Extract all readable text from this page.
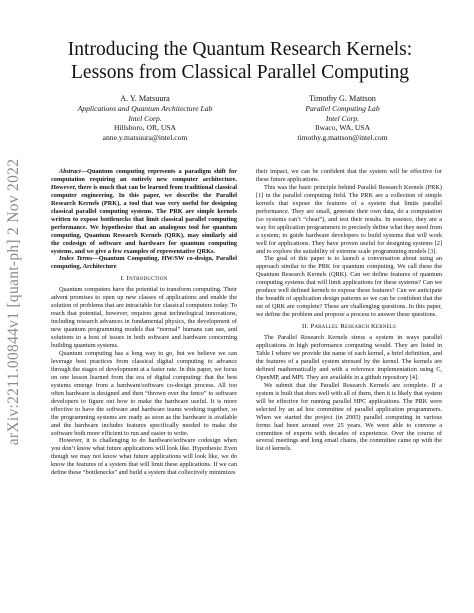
arXiv:2211.00844v1 [quant-ph] 2 Nov 2022
Introducing the Quantum Research Kernels:
Lessons from Classical Parallel Computing
A. Y. Matsuura
Applications and Quantum Architecture Lab
Intel Corp.
Hillsboro, OR, USA
anne.y.matsuura@intel.com
Timothy G. Mattson
Parallel Computing Lab
Intel Corp.
Ilwaco, WA, USA
timothy.g.mattson@intel.com

Abstract—Quantum computing represents a paradigm shift for computation requiring an entirely new computer architecture. However, there is much that can be learned from traditional classical computer engineering. In this paper, we describe the Parallel Research Kernels (PRK), a tool that was very useful for designing classical parallel computing systems. The PRK are simple kernels written to expose bottlenecks that limit classical parallel computing performance. We hypothesize that an analogous tool for quantum computing, Quantum Research Kernels (QRK), may similarly aid the codesign of software and hardware for quantum computing systems, and we give a few examples of representative QRKs.

Index Terms—Quantum Computing, HW/SW co-design, Parallel computing, Architecture

I. Introduction

Quantum computers have the potential to transform computing. Their advent promises to open up new classes of applications and enable the solution of problems that are intractable for classical computers today. To reach that potential, however, requires great technological innovations, including research advances in fundamental physics, the development of new quantum programming models that “normal” humans can use, and solutions to a host of issues in both software and hardware concerning building quantum systems.

Quantum computing has a long way to go, but we believe we can leverage best practices from classical digital computing to advance through the stages of development at a faster rate. In this paper, we focus on one lesson learned from the era of digital computing: that the best systems emerge from a hardware/software co-design process. All too often hardware is designed and then “thrown over the fence” to software developers to figure out how to make the hardware useful. It is more effective to have the software and hardware teams working together, so the programming systems are ready as soon as the hardware is available and the hardware includes features specifically needed to make the software both more efficient to run and easier to write.

However, it is challenging to do hardware/software codesign when you don’t know what future applications will look like. Hypothesis: Even though we may not know what future applications will look like, we do know the features of a system that will limit these applications. If we can define these “bottlenecks” and build a system that collectively minimizes

their impact, we can be confident that the system will be effective for these future applications.

This was the basic principle behind Parallel Research Kernels (PRK) [1] in the parallel computing field. The PRK are a collection of simple kernels that expose the features of a system that limits parallel performance. They are small, generate their own data, do a computation (so systems can’t “cheat”), and test their results. In essence, they are a way for application programmers to precisely define what they need from a system; to guide hardware developers to build systems that will work well for applications. They have proven useful for designing systems [2] and to explore the suitability of extreme scale programming models [3].

The goal of this paper is to launch a conversation about using an approach similar to the PRK for quantum computing. We call these the Quantum Research Kernels (QRK). Can we define features of quantum computing systems that will limit applications for these systems? Can we produce well defined kernels to expose these features? Can we anticipate the breadth of application design patterns so we can be confident that the set of QRK are complete? These are challenging questions. In this paper, we define the problem and propose a process to answer these questions.

II. Parallel Research Kernels

The Parallel Research Kernels stress a system in ways parallel applications in high performance computing would. They are listed in Table I where we provide the name of each kernel, a brief definition, and the features of a parallel system stressed by the kernel. The kernels are defined mathematically and with a reference implementation using C, OpenMP, and MPI. They are available in a github repository [4].

We submit that the Parallel Research Kernels are complete. If a system is built that does well with all of them, then it is likely that system will be effective for running parallel HPC applications. The PRK were selected by an ad hoc committee of parallel application programmers. When we started the project (in 2005) parallel computing in various forms had been around over 25 years. We were able to convene a committee of experts with decades of experience. Over the course of several meetings and long email chains, the committee came up with the list of kernels.
